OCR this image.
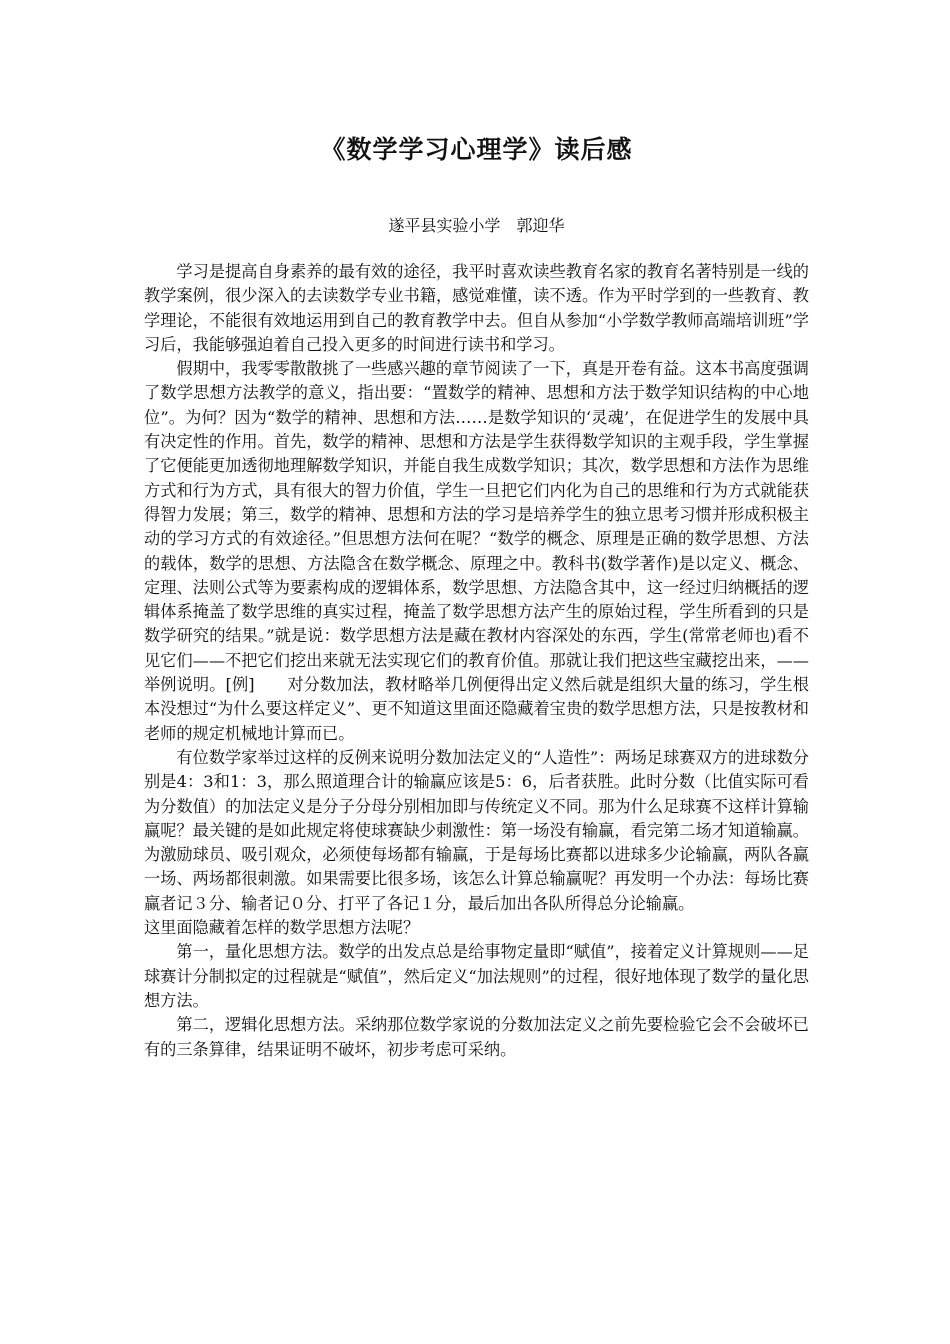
《数学学习心理学》读后感

遂平县实验小学　郭迎华

学习是提高自身素养的最有效的途径，我平时喜欢读些教育名家的教育名著特别是一线的教学案例，很少深入的去读数学专业书籍，感觉难懂，读不透。作为平时学到的一些教育、教学理论，不能很有效地运用到自己的教育教学中去。但自从参加“小学数学教师高端培训班”学习后，我能够强迫着自己投入更多的时间进行读书和学习。

假期中，我零零散散挑了一些感兴趣的章节阅读了一下，真是开卷有益。这本书高度强调了数学思想方法教学的意义，指出要：“置数学的精神、思想和方法于数学知识结构的中心地位”。为何？因为“数学的精神、思想和方法……是数学知识的‘灵魂’，在促进学生的发展中具有决定性的作用。首先，数学的精神、思想和方法是学生获得数学知识的主观手段，学生掌握了它便能更加透彻地理解数学知识，并能自我生成数学知识；其次，数学思想和方法作为思维方式和行为方式，具有很大的智力价值，学生一旦把它们内化为自己的思维和行为方式就能获得智力发展；第三，数学的精神、思想和方法的学习是培养学生的独立思考习惯并形成积极主动的学习方式的有效途径。”但思想方法何在呢？“数学的概念、原理是正确的数学思想、方法的载体，数学的思想、方法隐含在数学概念、原理之中。教科书(数学著作)是以定义、概念、定理、法则公式等为要素构成的逻辑体系，数学思想、方法隐含其中，这一经过归纳概括的逻辑体系掩盖了数学思维的真实过程，掩盖了数学思想方法产生的原始过程，学生所看到的只是数学研究的结果。”就是说：数学思想方法是藏在教材内容深处的东西，学生(常常老师也)看不见它们——不把它们挖出来就无法实现它们的教育价值。那就让我们把这些宝藏挖出来，——举例说明。[例]　　对分数加法，教材略举几例便得出定义然后就是组织大量的练习，学生根本没想过“为什么要这样定义”、更不知道这里面还隐藏着宝贵的数学思想方法，只是按教材和老师的规定机械地计算而已。

有位数学家举过这样的反例来说明分数加法定义的“人造性”：两场足球赛双方的进球数分别是4：3和1：3，那么照道理合计的输赢应该是5：6，后者获胜。此时分数（比值实际可看为分数值）的加法定义是分子分母分别相加即与传统定义不同。那为什么足球赛不这样计算输赢呢？最关键的是如此规定将使球赛缺少刺激性：第一场没有输赢，看完第二场才知道输赢。为激励球员、吸引观众，必须使每场都有输赢，于是每场比赛都以进球多少论输赢，两队各赢一场、两场都很刺激。如果需要比很多场，该怎么计算总输赢呢？再发明一个办法：每场比赛赢者记３分、输者记０分、打平了各记１分，最后加出各队所得总分论输赢。

这里面隐藏着怎样的数学思想方法呢？

第一，量化思想方法。数学的出发点总是给事物定量即“赋值”，接着定义计算规则——足球赛计分制拟定的过程就是“赋值”，然后定义“加法规则”的过程，很好地体现了数学的量化思想方法。

第二，逻辑化思想方法。采纳那位数学家说的分数加法定义之前先要检验它会不会破坏已有的三条算律，结果证明不破坏，初步考虑可采纳。
